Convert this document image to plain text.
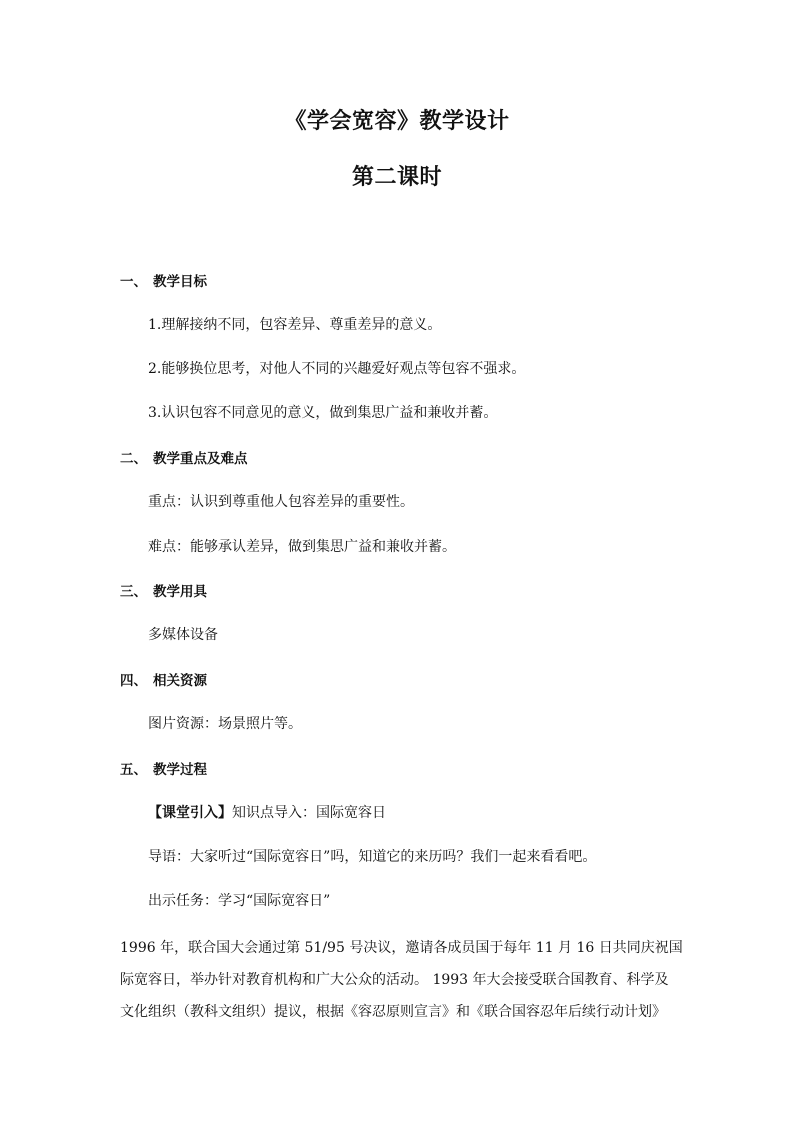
《学会宽容》教学设计
第二课时
一、 教学目标
1.理解接纳不同，包容差异、尊重差异的意义。
2.能够换位思考，对他人不同的兴趣爱好观点等包容不强求。
3.认识包容不同意见的意义，做到集思广益和兼收并蓄。
二、 教学重点及难点
重点：认识到尊重他人包容差异的重要性。
难点：能够承认差异，做到集思广益和兼收并蓄。
三、 教学用具
多媒体设备
四、 相关资源
图片资源：场景照片等。
五、 教学过程
【课堂引入】知识点导入：国际宽容日
导语：大家听过“国际宽容日”吗，知道它的来历吗？我们一起来看看吧。
出示任务：学习“国际宽容日”
1996 年，联合国大会通过第 51/95 号决议，邀请各成员国于每年 11 月 16 日共同庆祝国
际宽容日，举办针对教育机构和广大公众的活动。 1993 年大会接受联合国教育、科学及
文化组织（教科文组织）提议，根据《容忍原则宣言》和《联合国容忍年后续行动计划》
